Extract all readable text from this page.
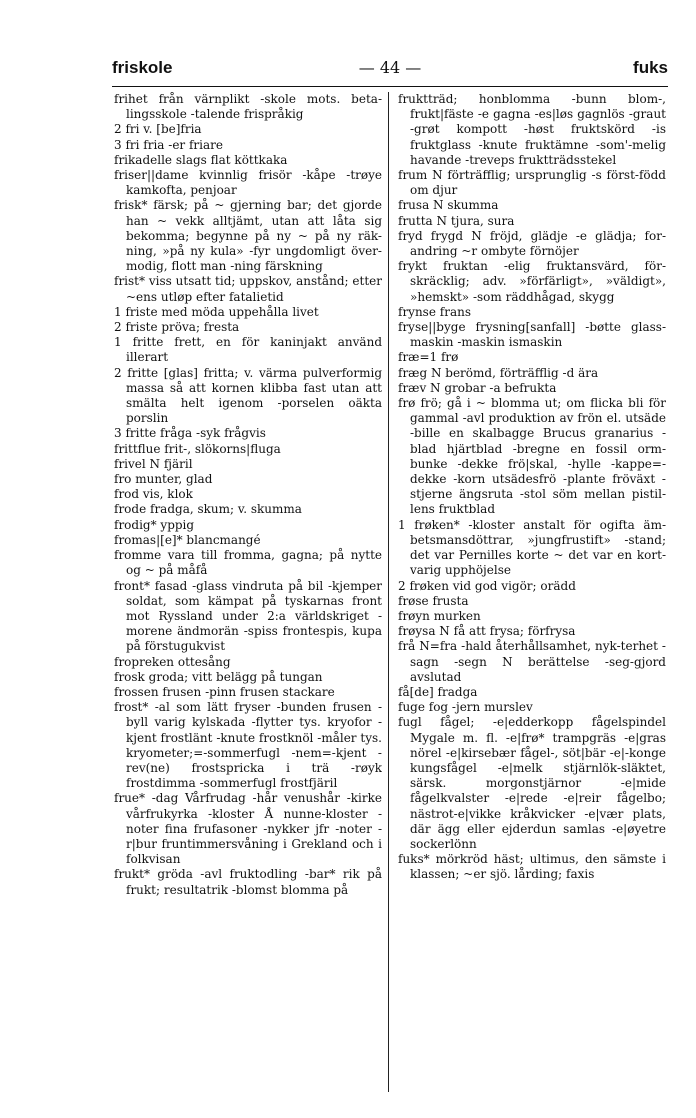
friskole	— 44 —	fuks

frihet från värnplikt -skole mots. beta-lingsskole -talende frispråkig

2 fri v. [be]fria

3 fri fria -er friare

frikadelle slags flat köttkaka

friser||dame kvinnlig frisör -kåpe -trøye kamkofta, penjoar

frisk* färsk; på ~ gjerning bar; det gjorde han ~ vekk alltjämt, utan att låta sig bekomma; begynne på ny ~ på ny räk-ning, »på ny kula» -fyr ungdomligt över-modig, flott man -ning färskning

frist* viss utsatt tid; uppskov, anstånd; etter ~ens utløp efter fatalietid

1 friste med möda uppehålla livet

2 friste pröva; fresta

1 fritte frett, en för kaninjakt använd illerart

2 fritte [glas] fritta; v. värma pulverformig massa så att kornen klibba fast utan att smälta helt igenom -porselen oäkta porslin

3 fritte fråga -syk frågvis

frittflue frit-, slökorns|fluga

frivel N fjäril

fro munter, glad

frod vis, klok

frode fradga, skum; v. skumma

frodig* yppig

fromas|[e]* blancmangé

fromme vara till fromma, gagna; på nytte og ~ på måfå

front* fasad -glass vindruta på bil -kjemper soldat, som kämpat på tyskarnas front mot Ryssland under 2:a världskriget -morene ändmorän -spiss frontespis, kupa på förstugukvist

fropreken ottesång

frosk groda; vitt belägg på tungan

frossen frusen -pinn frusen stackare

frost* -al som lätt fryser -bunden frusen -byll varig kylskada -flytter tys. kryofor -kjent frostlänt -knute frostknöl -måler tys. kryometer;=-sommerfugl -nem=-kjent -rev(ne) frostspricka i trä -røyk frostdimma -sommerfugl frostfjäril

frue* -dag Vårfrudag -hår venushår -kirke vårfrukyrka -kloster Å nunne-kloster -noter fina frufasoner -nykker jfr -noter -r|bur fruntimmersvåning i Grekland och i folkvisan

frukt* gröda -avl fruktodling -bar* rik på frukt; resultatrik -blomst blomma på

fruktträd; honblomma -bunn blom-, frukt|fäste -e gagna -es|løs gagnlös -graut -grøt kompott -høst fruktskörd -is fruktglass -knute fruktämne -som'-melig havande -treveps fruktträdsstekel

frum N förträfflig; ursprunglig -s först-född om djur

frusa N skumma

frutta N tjura, sura

fryd frygd N fröjd, glädje -e glädja; for-andring ~r ombyte förnöjer

frykt fruktan -elig fruktansvärd, för-skräcklig; adv. »förfärligt», »väldigt», »hemskt» -som räddhågad, skygg

frynse frans

fryse||byge frysning[sanfall] -bøtte glass-maskin -maskin ismaskin

fræ=1 frø

fræg N berömd, förträfflig -d ära

fræv N grobar -a befrukta

frø frö; gå i ~ blomma ut; om flicka bli för gammal -avl produktion av frön el. utsäde -bille en skalbagge Brucus granarius -blad hjärtblad -bregne en fossil orm-bunke -dekke frö|skal, -hylle -kappe=-dekke -korn utsädesfrö -plante fröväxt -stjerne ängsruta -stol söm mellan pistil-lens fruktblad

1 frøken* -kloster anstalt för ogifta äm-betsmansdöttrar, »jungfrustift» -stand; det var Pernilles korte ~ det var en kort-varig upphöjelse

2 frøken vid god vigör; orädd

frøse frusta

frøyn murken

frøysa N få att frysa; förfrysa

frå N=fra -hald återhållsamhet, nyk-terhet -sagn -segn N berättelse -seg-gjord avslutad

få[de] fradga

fuge fog -jern murslev

fugl fågel; -e|edderkopp fågelspindel Mygale m. fl. -e|frø* trampgräs -e|gras nörel -e|kirsebær fågel-, söt|bär -e|-konge kungsfågel -e|melk stjärnlök-släktet, särsk. morgonstjärnor -e|mide fågelkvalster -e|rede -e|reir fågelbo; nästrot-e|vikke kråkvicker -e|vær plats, där ägg eller ejderdun samlas -e|øyetre sockerlönn

fuks* mörkröd häst; ultimus, den sämste i klassen; ~er sjö. lårding; faxis
